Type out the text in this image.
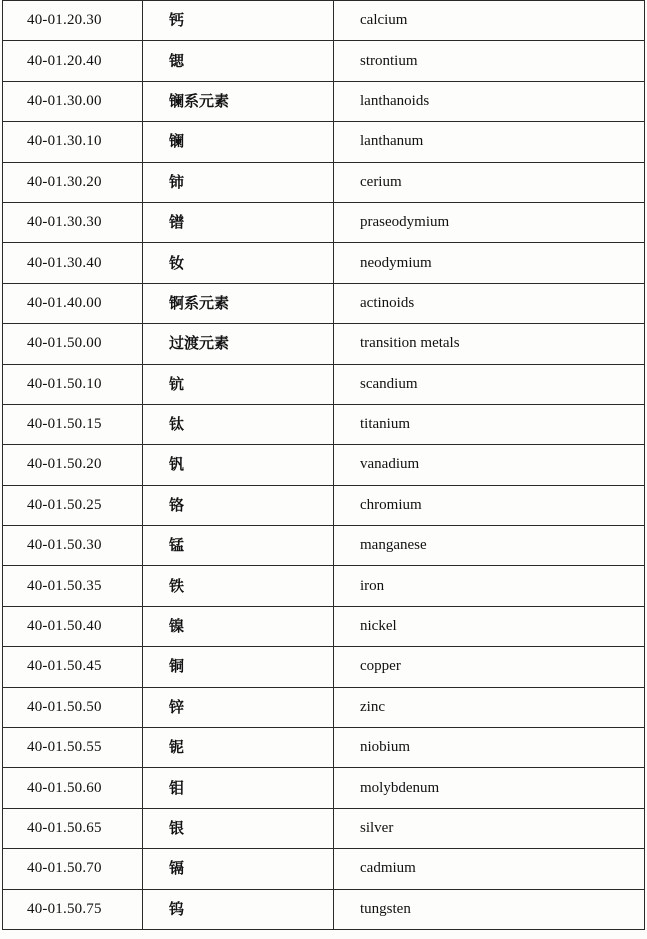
40-01.20.30	钙	calcium
40-01.20.40	锶	strontium
40-01.30.00	镧系元素	lanthanoids
40-01.30.10	镧	lanthanum
40-01.30.20	铈	cerium
40-01.30.30	镨	praseodymium
40-01.30.40	钕	neodymium
40-01.40.00	锕系元素	actinoids
40-01.50.00	过渡元素	transition metals
40-01.50.10	钪	scandium
40-01.50.15	钛	titanium
40-01.50.20	钒	vanadium
40-01.50.25	铬	chromium
40-01.50.30	锰	manganese
40-01.50.35	铁	iron
40-01.50.40	镍	nickel
40-01.50.45	铜	copper
40-01.50.50	锌	zinc
40-01.50.55	铌	niobium
40-01.50.60	钼	molybdenum
40-01.50.65	银	silver
40-01.50.70	镉	cadmium
40-01.50.75	钨	tungsten
